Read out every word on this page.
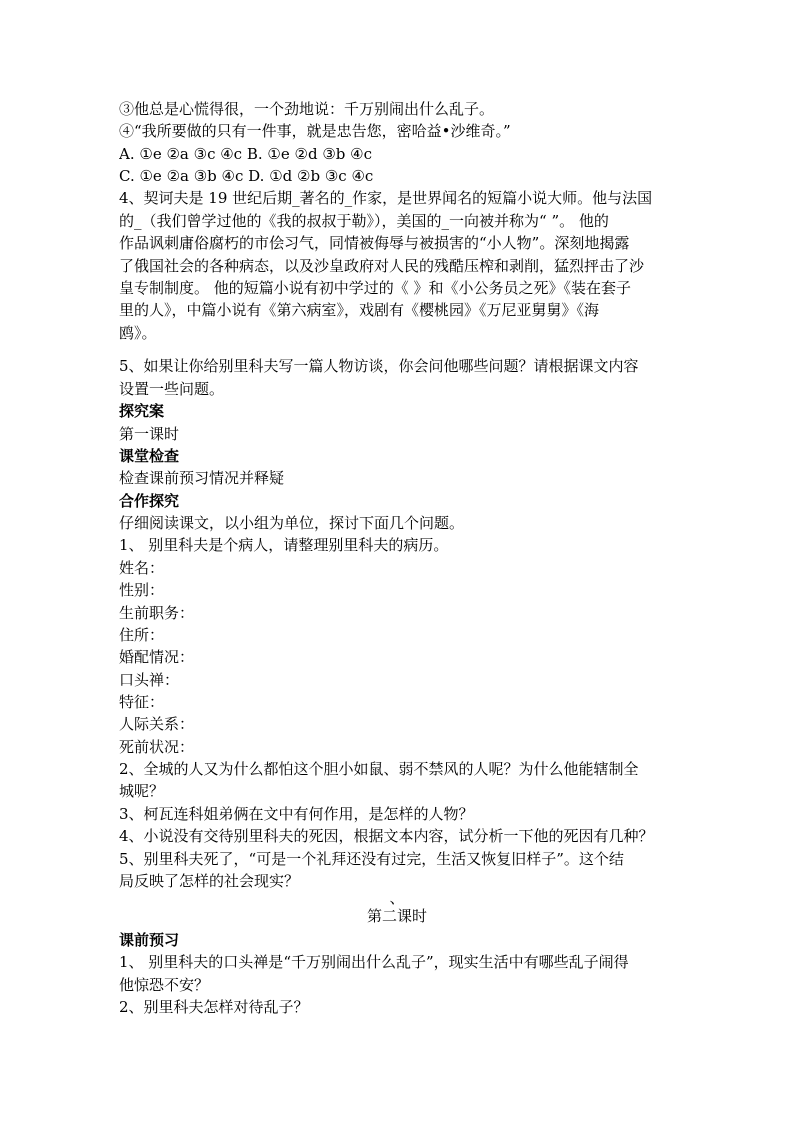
③他总是心慌得很，一个劲地说：千万别闹出什么乱子。
④“我所要做的只有一件事，就是忠告您，密哈益•沙维奇。”
A. ①e ②a ③c ④c B. ①e ②d ③b ④c
C. ①e ②a ③b ④c D. ①d ②b ③c ④c
4、契诃夫是 19 世纪后期_著名的_作家，是世界闻名的短篇小说大师。他与法国
的_（我们曾学过他的《我的叔叔于勒》），美国的_一向被并称为“ ”。 他的
作品讽刺庸俗腐朽的市侩习气，同情被侮辱与被损害的“小人物”。深刻地揭露
了俄国社会的各种病态，以及沙皇政府对人民的残酷压榨和剥削，猛烈抨击了沙
皇专制制度。 他的短篇小说有初中学过的《 》和《小公务员之死》《装在套子
里的人》，中篇小说有《第六病室》，戏剧有《樱桃园》《万尼亚舅舅》《海
鸥》。
5、如果让你给别里科夫写一篇人物访谈，你会问他哪些问题？请根据课文内容
设置一些问题。
探究案
第一课时
课堂检查
检查课前预习情况并释疑
合作探究
仔细阅读课文，以小组为单位，探讨下面几个问题。
1、 别里科夫是个病人，请整理别里科夫的病历。
姓名：
性别：
生前职务：
住所：
婚配情况：
口头禅：
特征：
人际关系：
死前状况：
2、全城的人又为什么都怕这个胆小如鼠、弱不禁风的人呢？为什么他能辖制全
城呢？
3、柯瓦连科姐弟俩在文中有何作用，是怎样的人物？
4、小说没有交待别里科夫的死因，根据文本内容，试分析一下他的死因有几种？
5、别里科夫死了，“可是一个礼拜还没有过完，生活又恢复旧样子”。这个结
局反映了怎样的社会现实？
、
第二课时
课前预习
1、 别里科夫的口头禅是“千万别闹出什么乱子”，现实生活中有哪些乱子闹得
他惊恐不安？
2、别里科夫怎样对待乱子？
